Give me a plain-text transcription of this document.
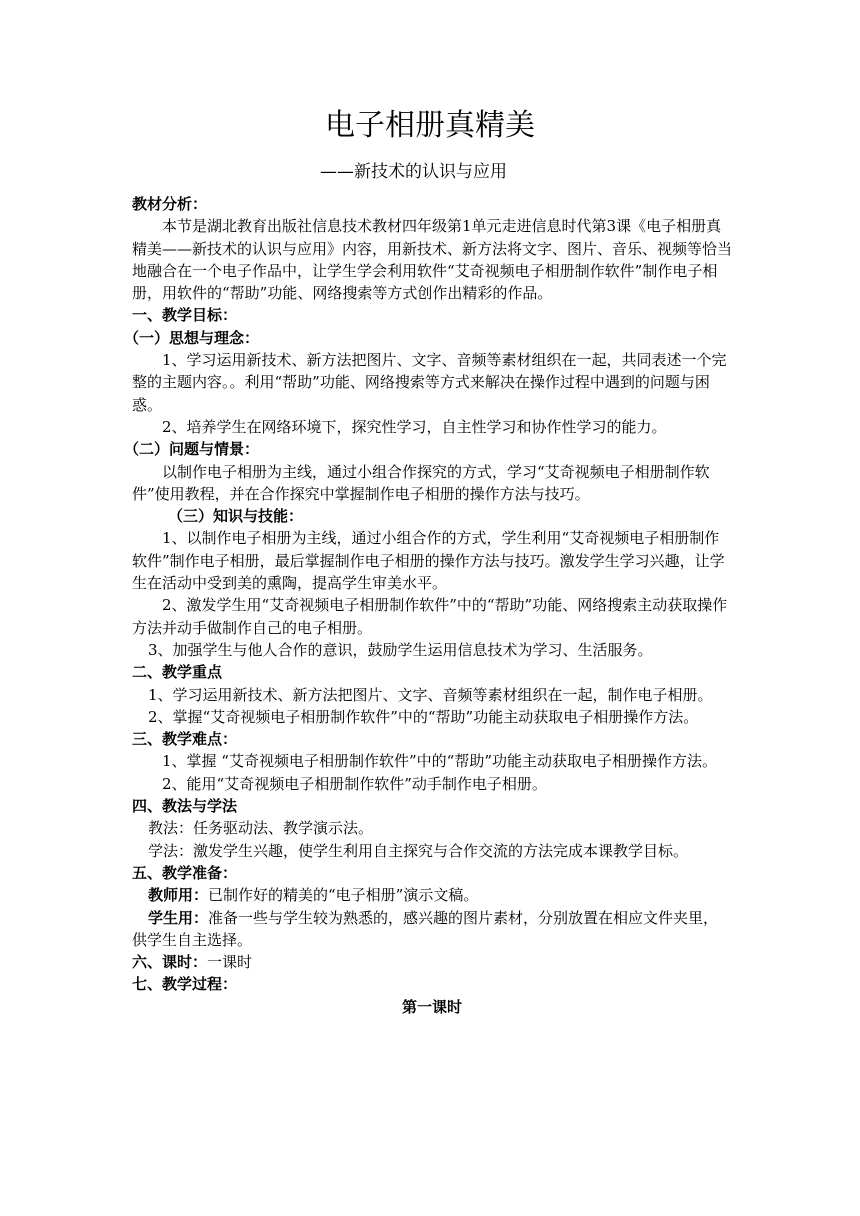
电子相册真精美
——新技术的认识与应用

教材分析：

本节是湖北教育出版社信息技术教材四年级第1单元走进信息时代第3课《电子相册真精美——新技术的认识与应用》内容，用新技术、新方法将文字、图片、音乐、视频等恰当地融合在一个电子作品中，让学生学会利用软件“艾奇视频电子相册制作软件”制作电子相册，用软件的“帮助”功能、网络搜索等方式创作出精彩的作品。

一、教学目标：

（一）思想与理念：

1、学习运用新技术、新方法把图片、文字、音频等素材组织在一起，共同表述一个完整的主题内容。。利用“帮助”功能、网络搜索等方式来解决在操作过程中遇到的问题与困惑。

2、培养学生在网络环境下，探究性学习，自主性学习和协作性学习的能力。

（二）问题与情景：

以制作电子相册为主线，通过小组合作探究的方式，学习“艾奇视频电子相册制作软件”使用教程，并在合作探究中掌握制作电子相册的操作方法与技巧。

（三）知识与技能：

1、以制作电子相册为主线，通过小组合作的方式，学生利用“艾奇视频电子相册制作软件”制作电子相册，最后掌握制作电子相册的操作方法与技巧。激发学生学习兴趣，让学生在活动中受到美的熏陶，提高学生审美水平。

2、激发学生用“艾奇视频电子相册制作软件”中的“帮助”功能、网络搜索主动获取操作方法并动手做制作自己的电子相册。

3、加强学生与他人合作的意识，鼓励学生运用信息技术为学习、生活服务。

二、教学重点

1、学习运用新技术、新方法把图片、文字、音频等素材组织在一起，制作电子相册。

2、掌握“艾奇视频电子相册制作软件”中的“帮助”功能主动获取电子相册操作方法。

三、教学难点：

1、掌握 “艾奇视频电子相册制作软件”中的“帮助”功能主动获取电子相册操作方法。

2、能用“艾奇视频电子相册制作软件”动手制作电子相册。

四、教法与学法

教法：任务驱动法、教学演示法。

学法：激发学生兴趣，使学生利用自主探究与合作交流的方法完成本课教学目标。

五、教学准备：

教师用：已制作好的精美的“电子相册”演示文稿。

学生用：准备一些与学生较为熟悉的，感兴趣的图片素材，分别放置在相应文件夹里，供学生自主选择。

六、课时：一课时

七、教学过程：

第一课时
